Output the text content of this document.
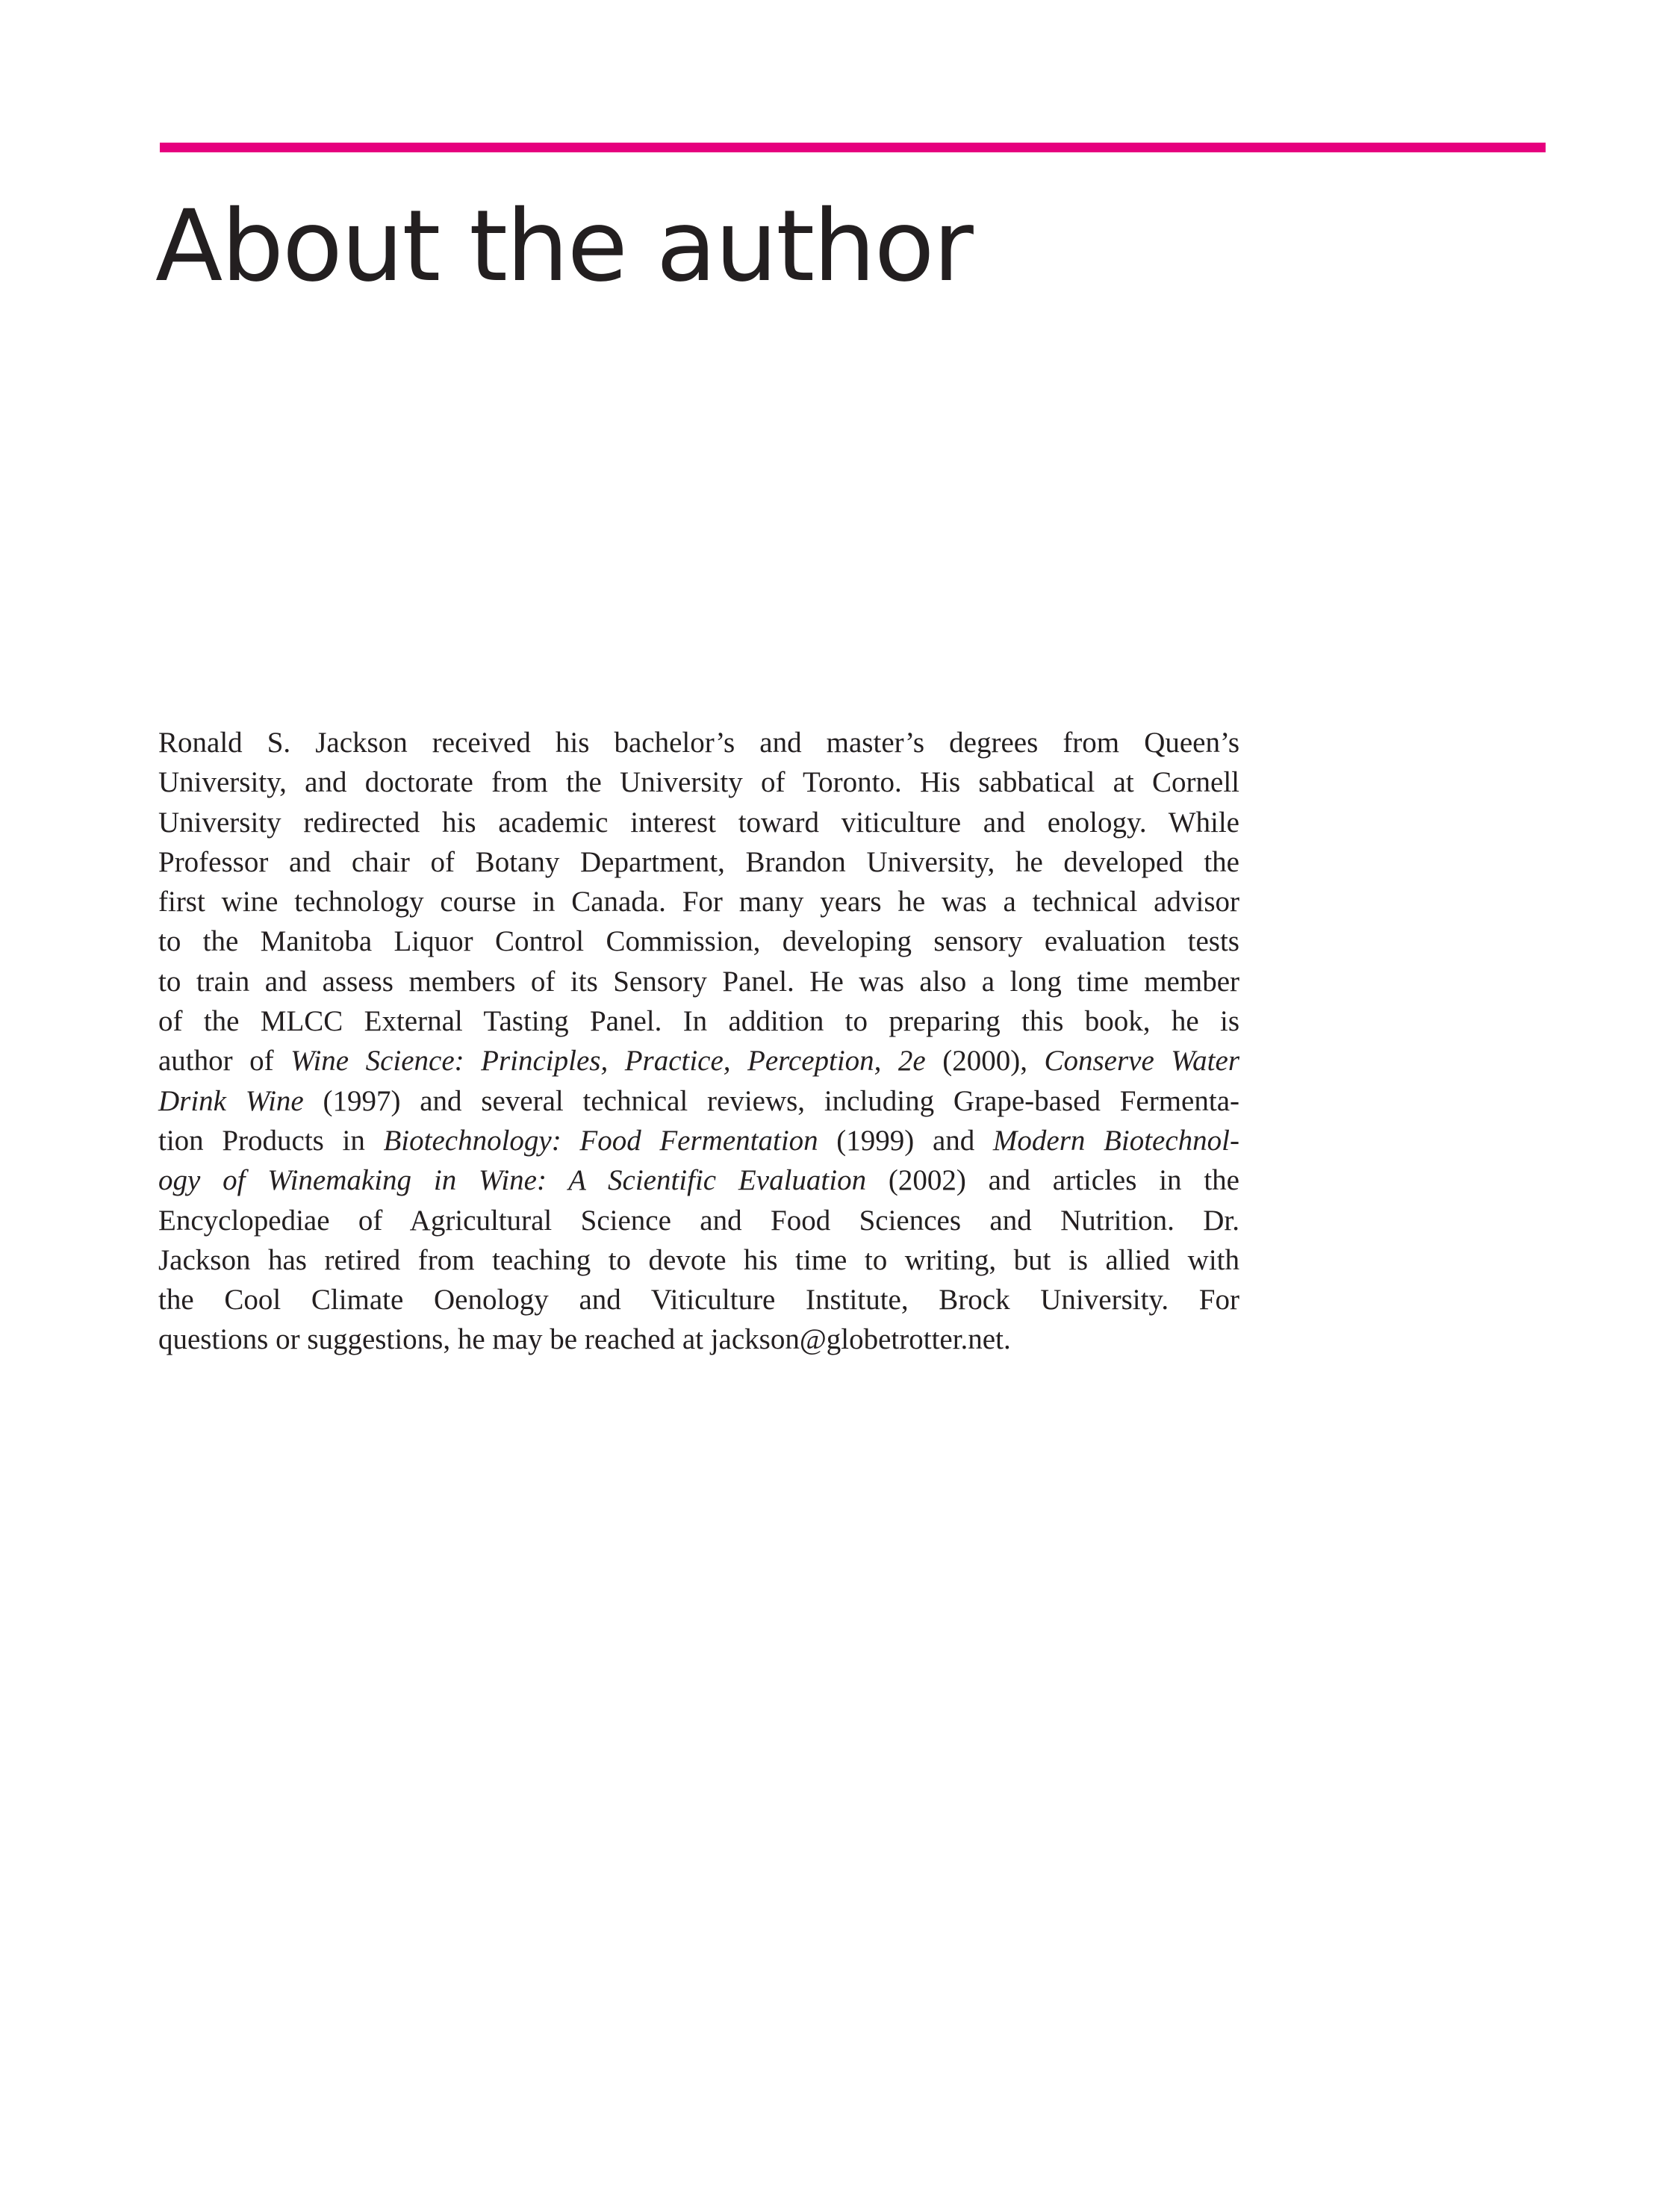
About the author
Ronald S. Jackson received his bachelor’s and master’s degrees from Queen’s
University, and doctorate from the University of Toronto. His sabbatical at Cornell
University redirected his academic interest toward viticulture and enology. While
Professor and chair of Botany Department, Brandon University, he developed the
first wine technology course in Canada. For many years he was a technical advisor
to the Manitoba Liquor Control Commission, developing sensory evaluation tests
to train and assess members of its Sensory Panel. He was also a long time member
of the MLCC External Tasting Panel. In addition to preparing this book, he is
author of Wine Science: Principles, Practice, Perception, 2e (2000), Conserve Water
Drink Wine (1997) and several technical reviews, including Grape-based Fermenta-
tion Products in Biotechnology: Food Fermentation (1999) and Modern Biotechnol-
ogy of Winemaking in Wine: A Scientific Evaluation (2002) and articles in the
Encyclopediae of Agricultural Science and Food Sciences and Nutrition. Dr.
Jackson has retired from teaching to devote his time to writing, but is allied with
the Cool Climate Oenology and Viticulture Institute, Brock University. For
questions or suggestions, he may be reached at jackson@globetrotter.net.
